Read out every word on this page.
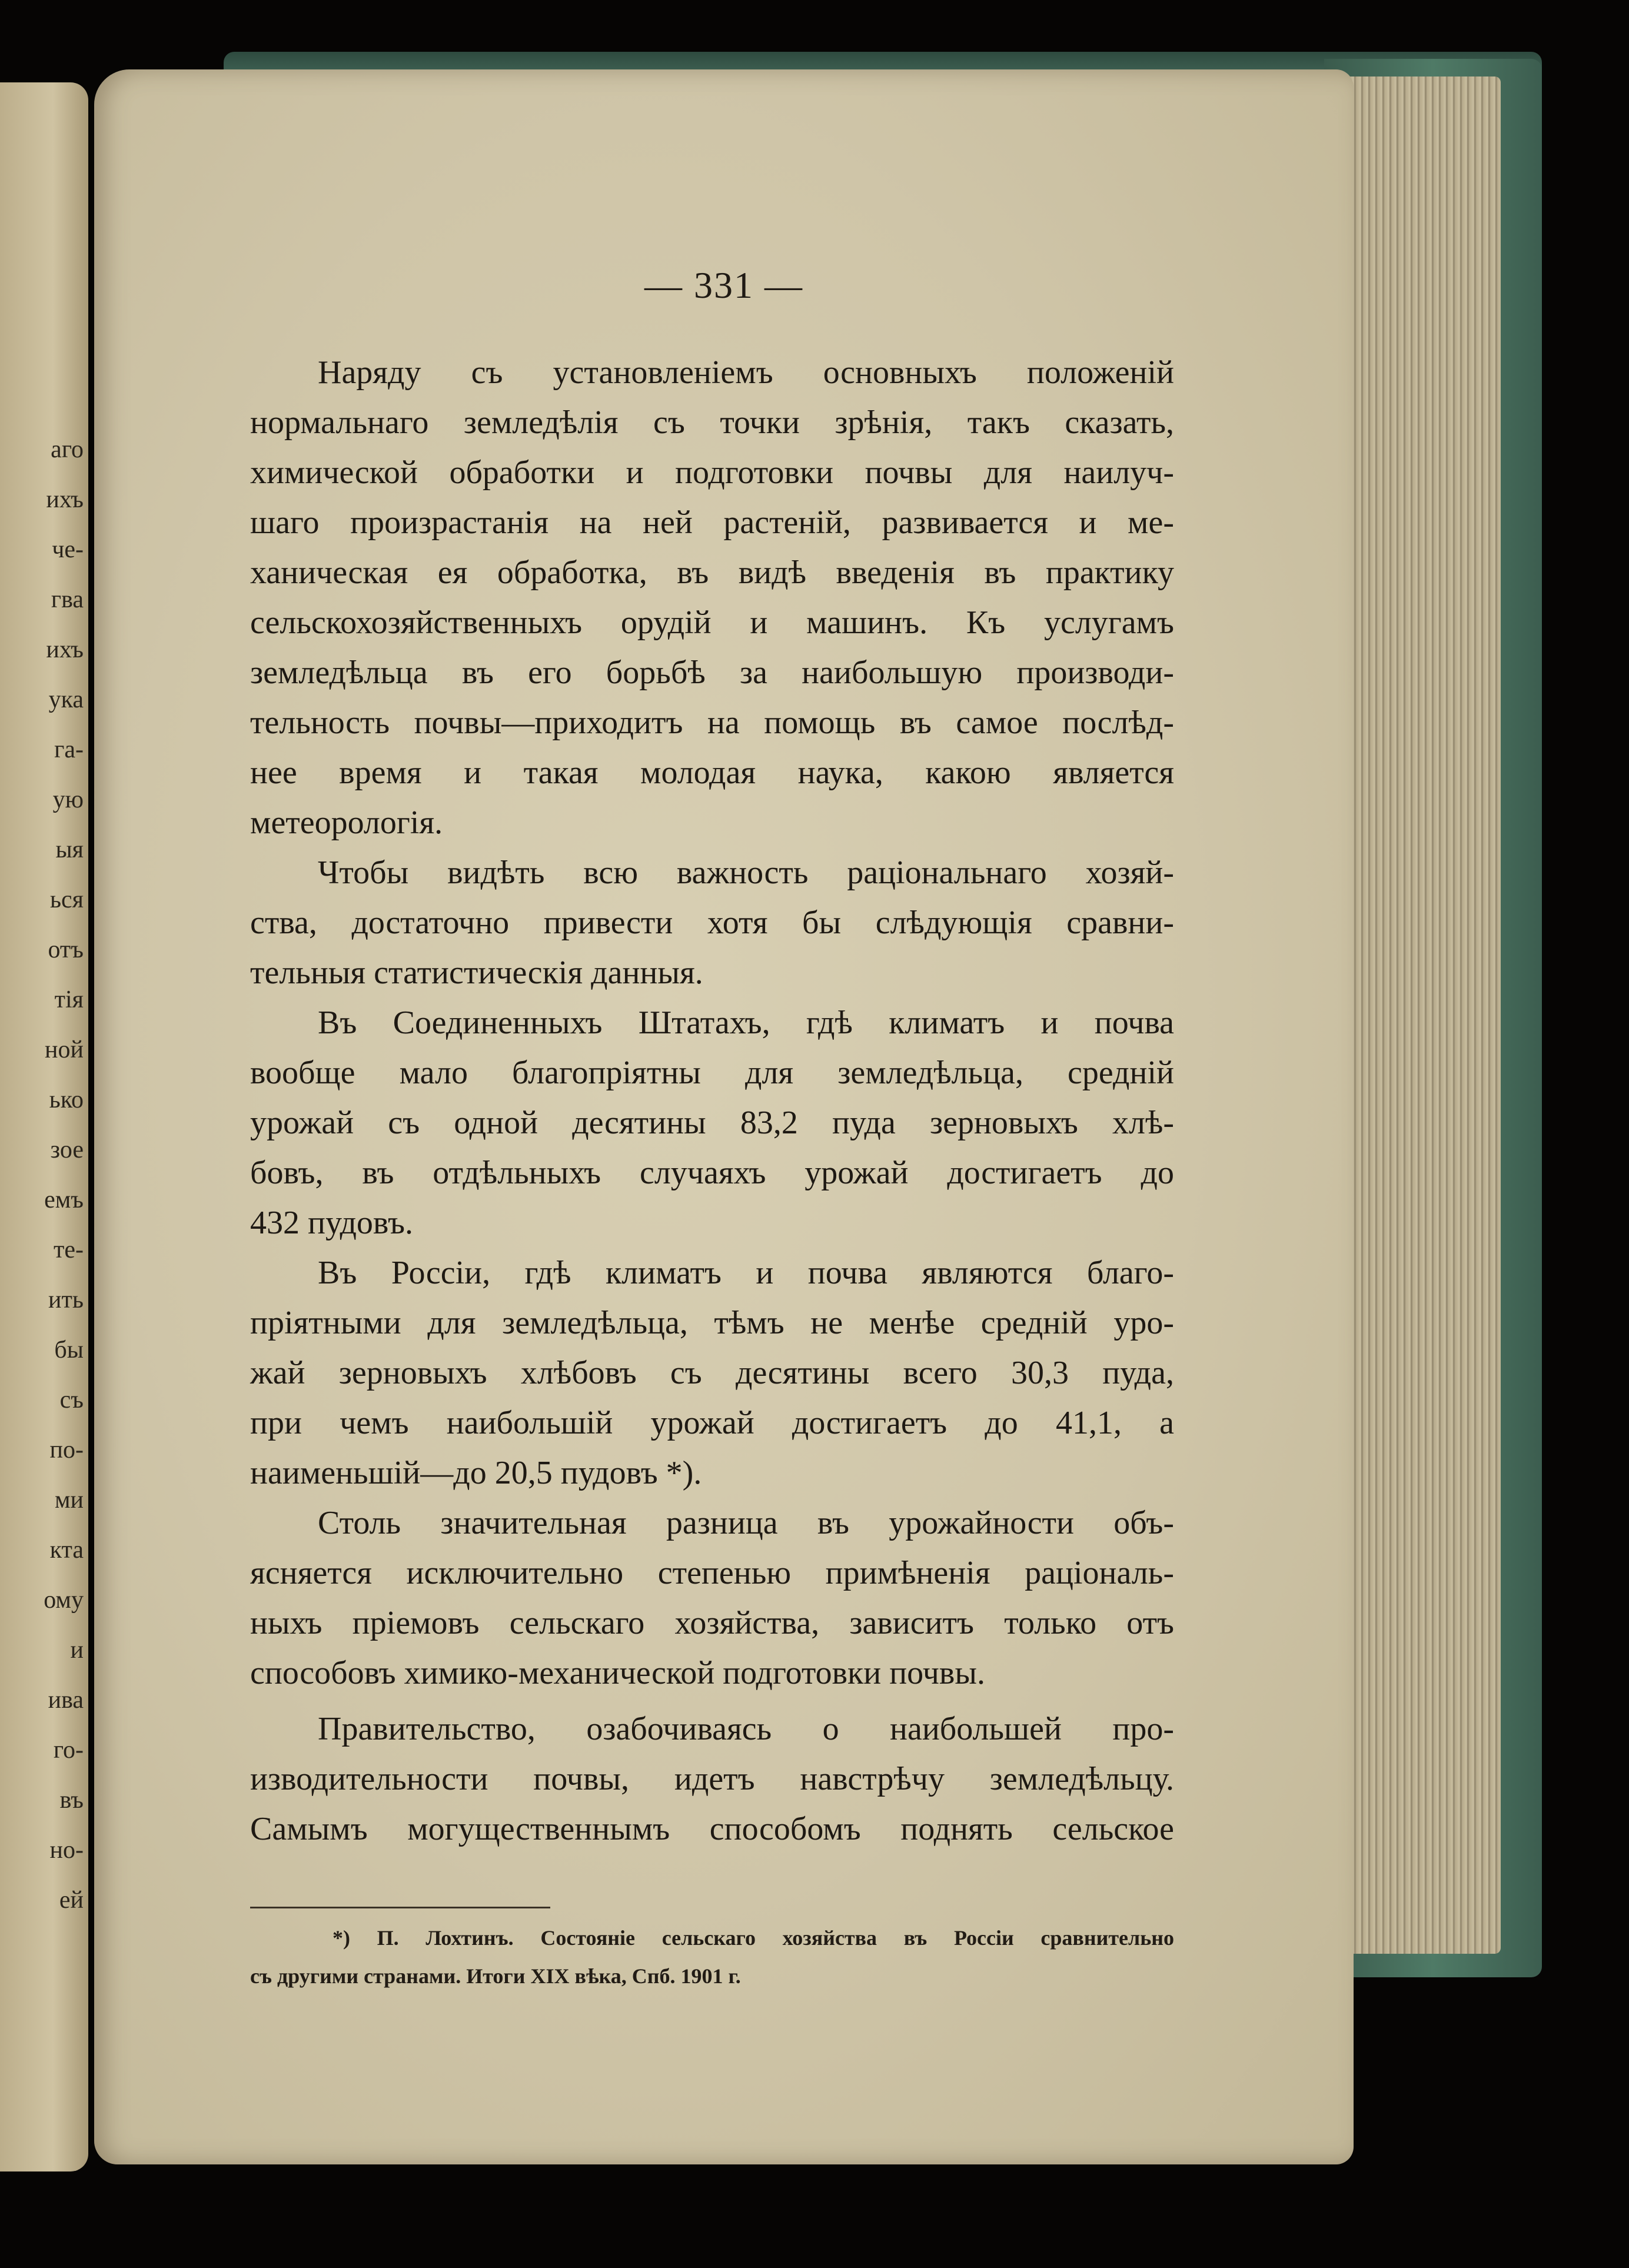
аго
ихъ
че-
гва
ихъ
ука
га-
ую
ыя
ься
отъ
тія
ной
ько
зое
емъ
те-
ить
бы
съ
по-
ми
кта
ому
и
ива
го-
въ
но-
ей
— 331 —
Наряду съ установленіемъ основныхъ положеній
нормальнаго земледѣлія съ точки зрѣнія, такъ сказать,
химической обработки и подготовки почвы для наилуч-
шаго произрастанія на ней растеній, развивается и ме-
ханическая ея обработка, въ видѣ введенія въ практику
сельскохозяйственныхъ орудій и машинъ. Къ услугамъ
земледѣльца въ его борьбѣ за наибольшую производи-
тельность почвы—приходитъ на помощь въ самое послѣд-
нее время и такая молодая наука, какою является
метеорологія.
Чтобы видѣть всю важность раціональнаго хозяй-
ства, достаточно привести хотя бы слѣдующія сравни-
тельныя статистическія данныя.
Въ Соединенныхъ Штатахъ, гдѣ климатъ и почва
вообще мало благопріятны для земледѣльца, средній
урожай съ одной десятины 83,2 пуда зерновыхъ хлѣ-
бовъ, въ отдѣльныхъ случаяхъ урожай достигаетъ до
432 пудовъ.
Въ Россіи, гдѣ климатъ и почва являются благо-
пріятными для земледѣльца, тѣмъ не менѣе средній уро-
жай зерновыхъ хлѣбовъ съ десятины всего 30,3 пуда,
при чемъ наибольшій урожай достигаетъ до 41,1, а
наименьшій—до 20,5 пудовъ *).
Столь значительная разница въ урожайности объ-
ясняется исключительно степенью примѣненія раціональ-
ныхъ пріемовъ сельскаго хозяйства, зависитъ только отъ
способовъ химико-механической подготовки почвы.
Правительство, озабочиваясь о наибольшей про-
изводительности почвы, идетъ навстрѣчу земледѣльцу.
Самымъ могущественнымъ способомъ поднять сельское
*) П. Лохтинъ. Состояніе сельскаго хозяйства въ Россіи сравнительно
съ другими странами. Итоги XIX вѣка, Спб. 1901 г.
